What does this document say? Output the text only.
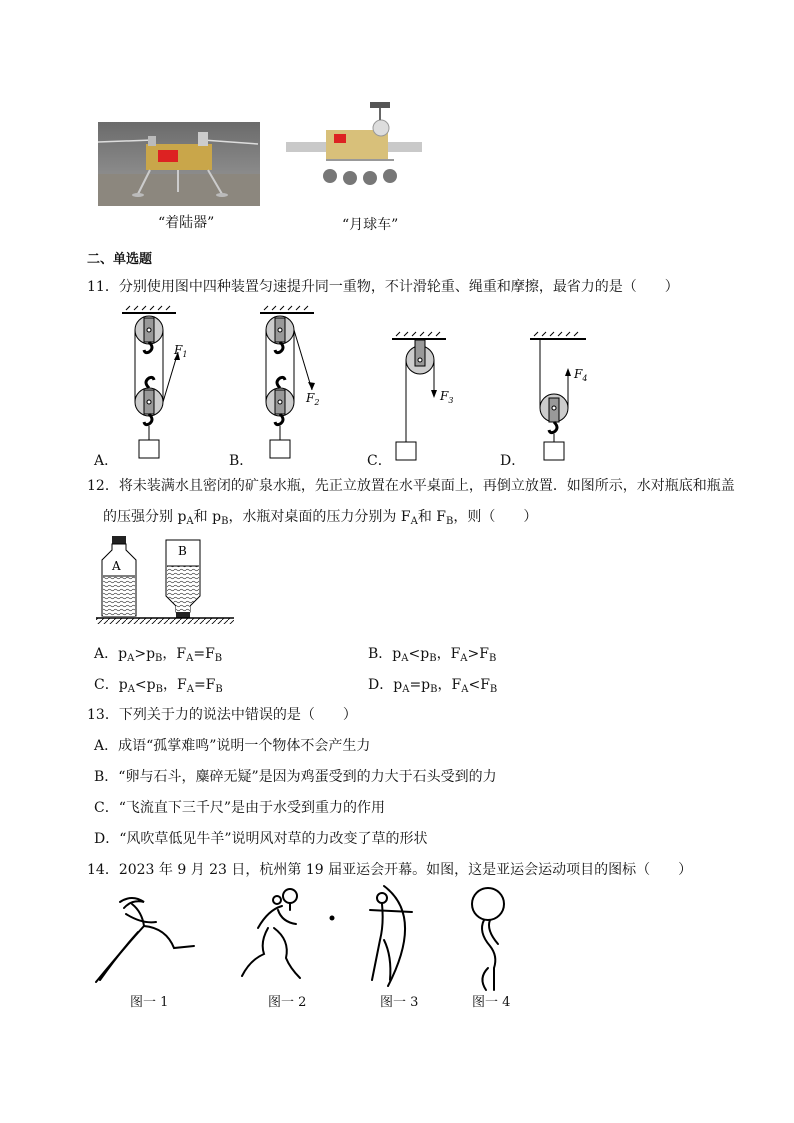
“着陆器”	“月球车”
二、单选题
11．分别使用图中四种装置匀速提升同一重物，不计滑轮重、绳重和摩擦，最省力的是（　　）
$F_1$
A．
$F_2$
B．
$F_3$
C．
$F_4$
D．
12．将未装满水且密闭的矿泉水瓶，先正立放置在水平桌面上，再倒立放置．如图所示，水对瓶底和瓶盖
的压强分别 $p_A$和 $p_B$，水瓶对桌面的压力分别为 $F_A$和 $F_B$，则（　　）
A
B
A．$p_A>p_B$，$F_A=F_B$	B．$p_A<p_B$，$F_A>F_B$
C．$p_A<p_B$，$F_A=F_B$	D．$p_A=p_B$，$F_A<F_B$
13．下列关于力的说法中错误的是（　　）
A．成语“孤掌难鸣”说明一个物体不会产生力
B．“卵与石斗，麋碎无疑”是因为鸡蛋受到的力大于石头受到的力
C．“飞流直下三千尺”是由于水受到重力的作用
D．“风吹草低见牛羊”说明风对草的力改变了草的形状
14．2023 年 9 月 23 日，杭州第 19 届亚运会开幕。如图，这是亚运会运动项目的图标（　　）
图一 1	图一 2	图一 3	图一 4
